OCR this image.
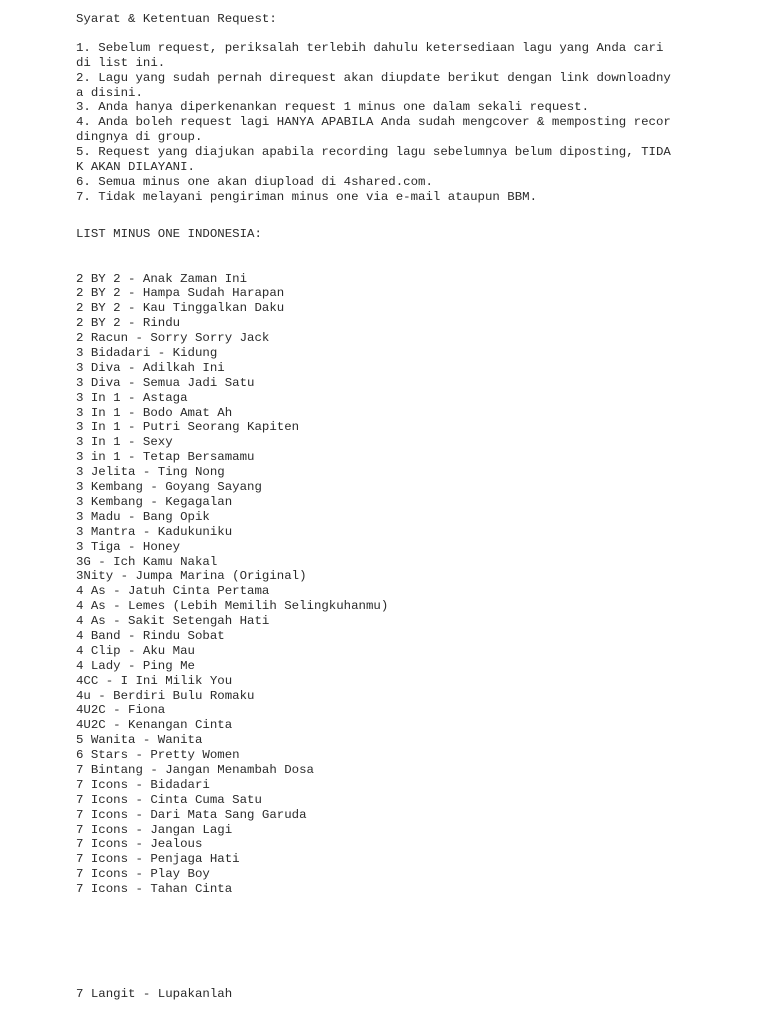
Syarat & Ketentuan Request:
1. Sebelum request, periksalah terlebih dahulu ketersediaan lagu yang Anda cari
di list ini.
2. Lagu yang sudah pernah direquest akan diupdate berikut dengan link downloadny
a disini.
3. Anda hanya diperkenankan request 1 minus one dalam sekali request.
4. Anda boleh request lagi HANYA APABILA Anda sudah mengcover & memposting recor
dingnya di group.
5. Request yang diajukan apabila recording lagu sebelumnya belum diposting, TIDA
K AKAN DILAYANI.
6. Semua minus one akan diupload di 4shared.com.
7. Tidak melayani pengiriman minus one via e-mail ataupun BBM.
LIST MINUS ONE INDONESIA:
2 BY 2 - Anak Zaman Ini
2 BY 2 - Hampa Sudah Harapan
2 BY 2 - Kau Tinggalkan Daku
2 BY 2 - Rindu
2 Racun - Sorry Sorry Jack
3 Bidadari - Kidung
3 Diva - Adilkah Ini
3 Diva - Semua Jadi Satu
3 In 1 - Astaga
3 In 1 - Bodo Amat Ah
3 In 1 - Putri Seorang Kapiten
3 In 1 - Sexy
3 in 1 - Tetap Bersamamu
3 Jelita - Ting Nong
3 Kembang - Goyang Sayang
3 Kembang - Kegagalan
3 Madu - Bang Opik
3 Mantra - Kadukuniku
3 Tiga - Honey
3G - Ich Kamu Nakal
3Nity - Jumpa Marina (Original)
4 As - Jatuh Cinta Pertama
4 As - Lemes (Lebih Memilih Selingkuhanmu)
4 As - Sakit Setengah Hati
4 Band - Rindu Sobat
4 Clip - Aku Mau
4 Lady - Ping Me
4CC - I Ini Milik You
4u - Berdiri Bulu Romaku
4U2C - Fiona
4U2C - Kenangan Cinta
5 Wanita - Wanita
6 Stars - Pretty Women
7 Bintang - Jangan Menambah Dosa
7 Icons - Bidadari
7 Icons - Cinta Cuma Satu
7 Icons - Dari Mata Sang Garuda
7 Icons - Jangan Lagi
7 Icons - Jealous
7 Icons - Penjaga Hati
7 Icons - Play Boy
7 Icons - Tahan Cinta
7 Langit - Lupakanlah
